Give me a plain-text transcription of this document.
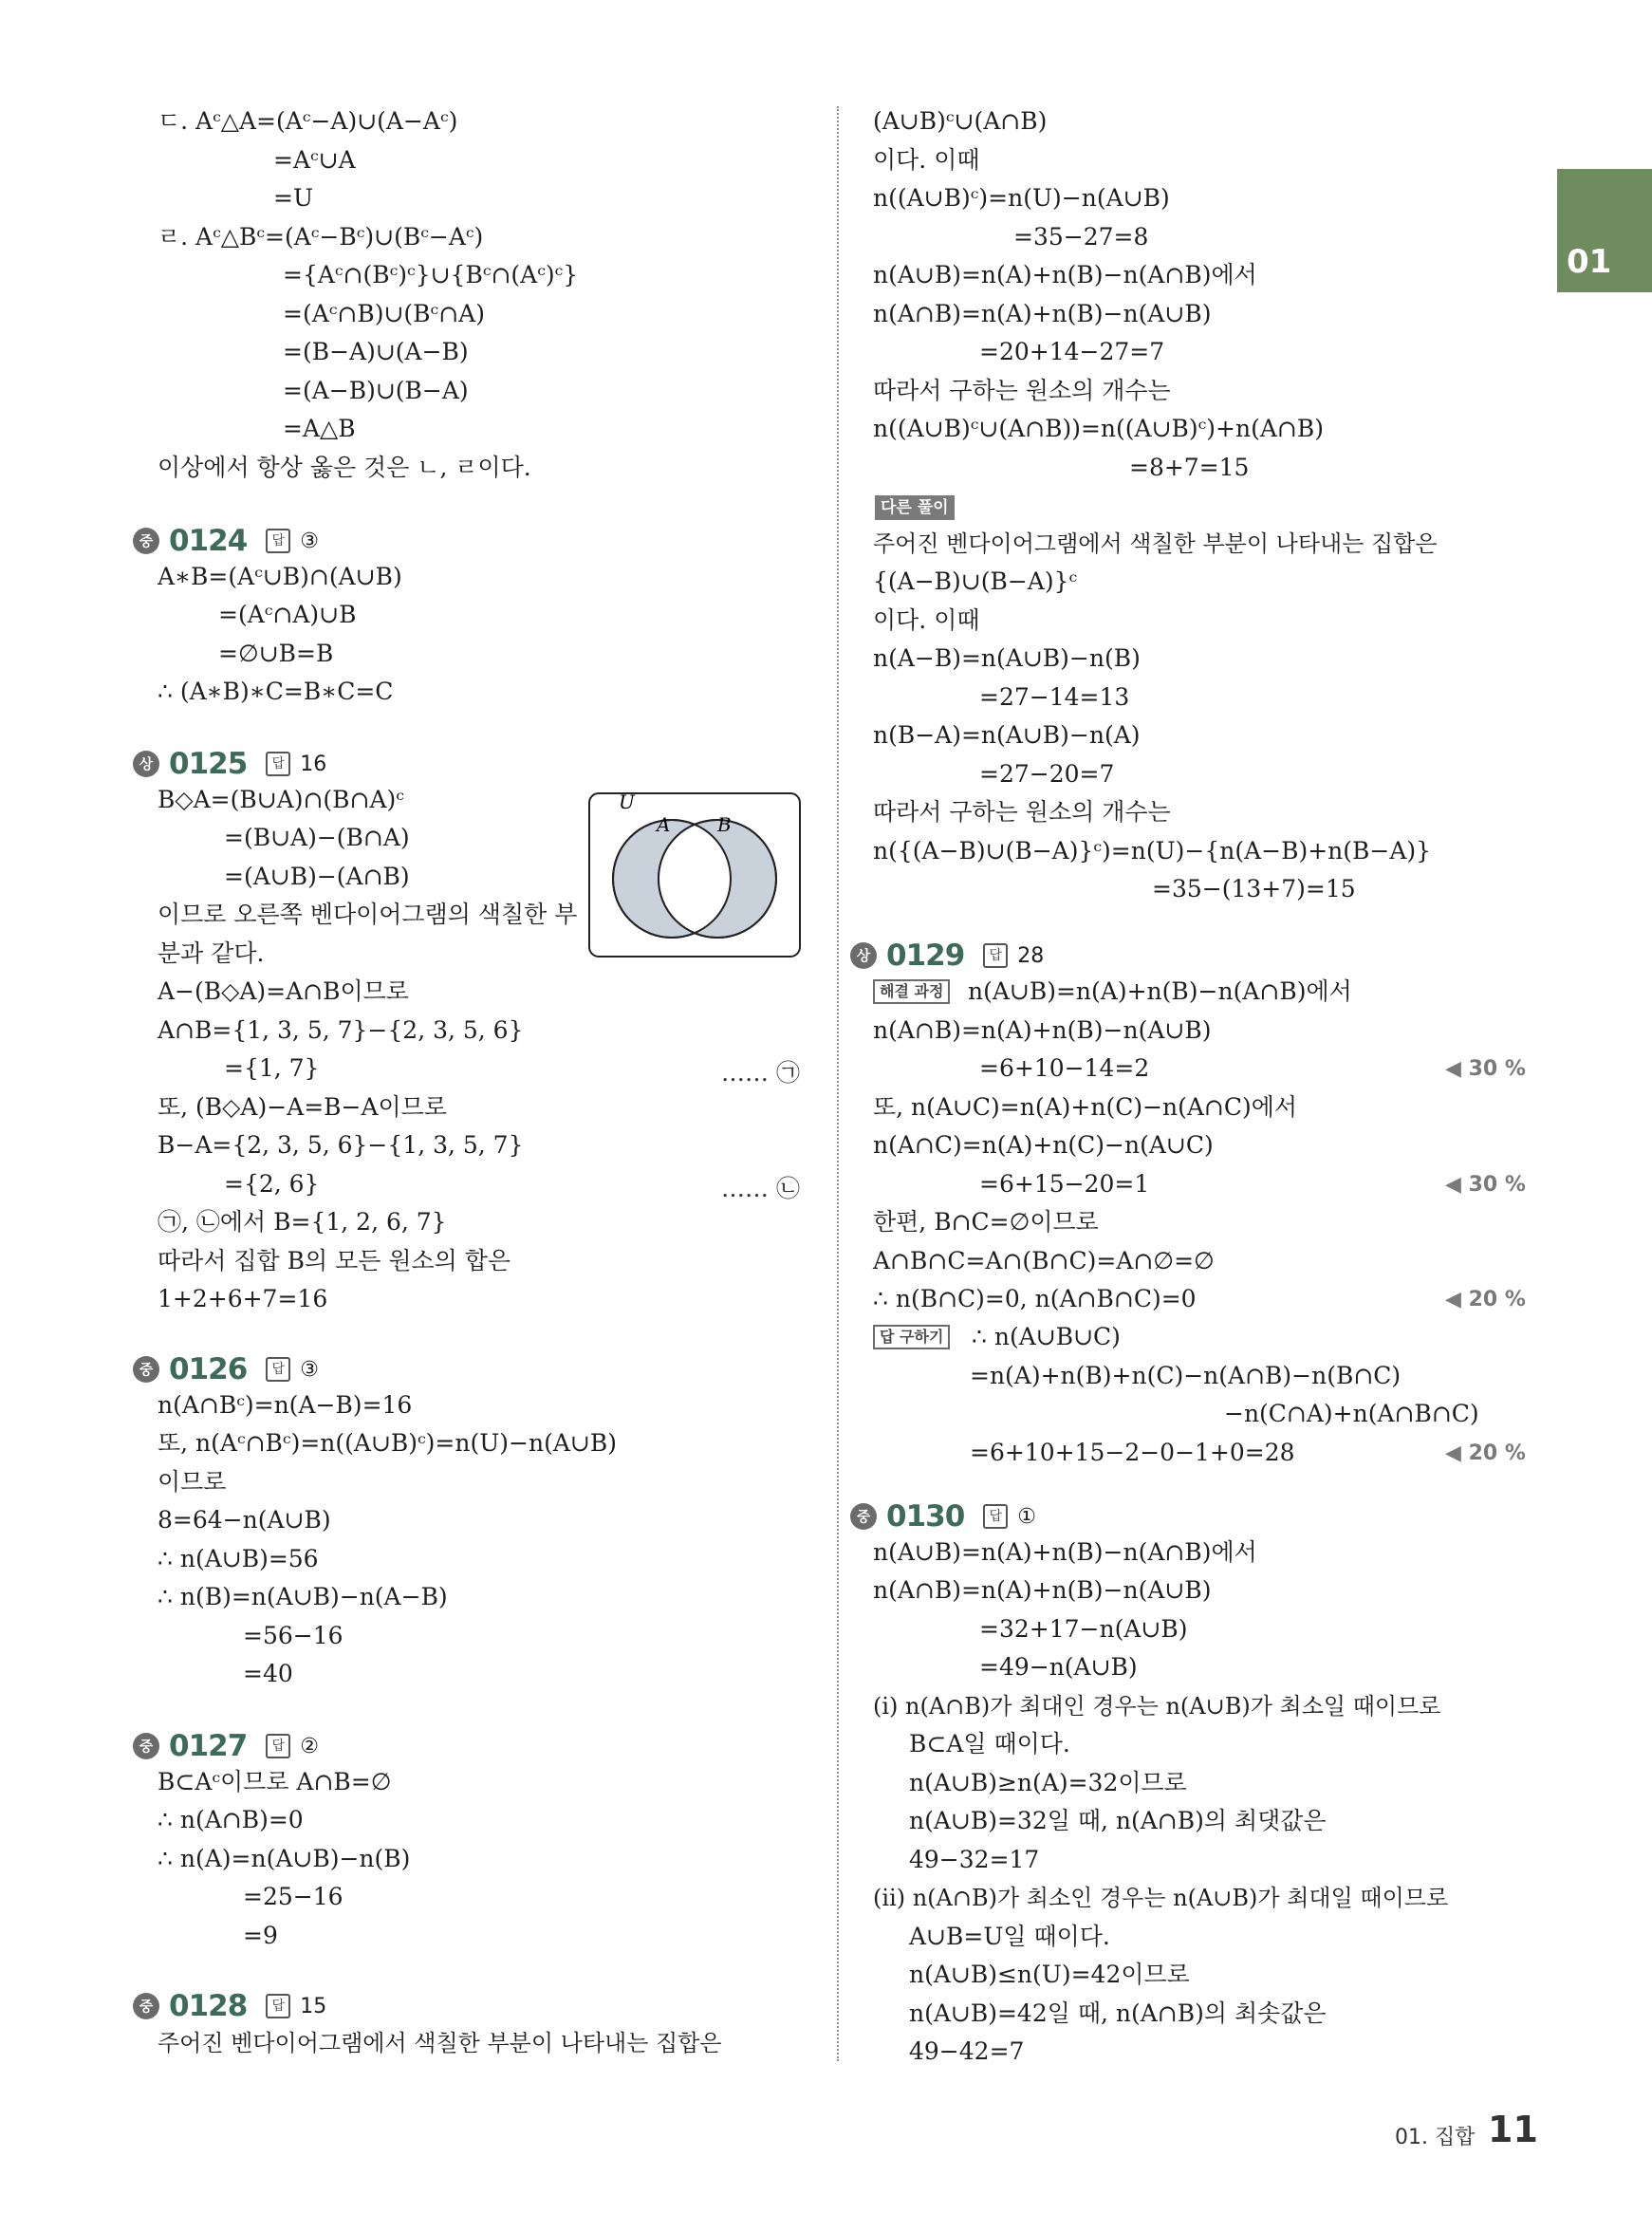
01
ㄷ. Aᶜ△A=(Aᶜ−A)∪(A−Aᶜ)
=Aᶜ∪A
=U
ㄹ. Aᶜ△Bᶜ=(Aᶜ−Bᶜ)∪(Bᶜ−Aᶜ)
={Aᶜ∩(Bᶜ)ᶜ}∪{Bᶜ∩(Aᶜ)ᶜ}
=(Aᶜ∩B)∪(Bᶜ∩A)
=(B−A)∪(A−B)
=(A−B)∪(B−A)
=A△B
이상에서 항상 옳은 것은 ㄴ, ㄹ이다.
중 0124	답 ③
A∗B=(Aᶜ∪B)∩(A∪B)
=(Aᶜ∩A)∪B
=∅∪B=B
∴ (A∗B)∗C=B∗C=C
상 0125	답 16
B◇A=(B∪A)∩(B∩A)ᶜ
=(B∪A)−(B∩A)
=(A∪B)−(A∩B)
이므로 오른쪽 벤다이어그램의 색칠한 부
분과 같다.
A−(B◇A)=A∩B이므로
A∩B={1, 3, 5, 7}−{2, 3, 5, 6}
={1, 7}	…… ㉠
또, (B◇A)−A=B−A이므로
B−A={2, 3, 5, 6}−{1, 3, 5, 7}
={2, 6}	…… ㉡
㉠, ㉡에서 B={1, 2, 6, 7}
따라서 집합 B의 모든 원소의 합은
1+2+6+7=16
U
A B
중 0126	답 ③
n(A∩Bᶜ)=n(A−B)=16
또, n(Aᶜ∩Bᶜ)=n((A∪B)ᶜ)=n(U)−n(A∪B)
이므로
8=64−n(A∪B)
∴ n(A∪B)=56
∴ n(B)=n(A∪B)−n(A−B)
=56−16
=40
중 0127	답 ②
B⊂Aᶜ이므로 A∩B=∅
∴ n(A∩B)=0
∴ n(A)=n(A∪B)−n(B)
=25−16
=9
중 0128	답 15
주어진 벤다이어그램에서 색칠한 부분이 나타내는 집합은
(A∪B)ᶜ∪(A∩B)
이다. 이때
n((A∪B)ᶜ)=n(U)−n(A∪B)
=35−27=8
n(A∪B)=n(A)+n(B)−n(A∩B)에서
n(A∩B)=n(A)+n(B)−n(A∪B)
=20+14−27=7
따라서 구하는 원소의 개수는
n((A∪B)ᶜ∪(A∩B))=n((A∪B)ᶜ)+n(A∩B)
=8+7=15
다른 풀이
주어진 벤다이어그램에서 색칠한 부분이 나타내는 집합은
{(A−B)∪(B−A)}ᶜ
이다. 이때
n(A−B)=n(A∪B)−n(B)
=27−14=13
n(B−A)=n(A∪B)−n(A)
=27−20=7
따라서 구하는 원소의 개수는
n({(A−B)∪(B−A)}ᶜ)=n(U)−{n(A−B)+n(B−A)}
=35−(13+7)=15
상 0129	답 28
해결 과정 n(A∪B)=n(A)+n(B)−n(A∩B)에서
n(A∩B)=n(A)+n(B)−n(A∪B)
=6+10−14=2	◀ 30 %
또, n(A∪C)=n(A)+n(C)−n(A∩C)에서
n(A∩C)=n(A)+n(C)−n(A∪C)
=6+15−20=1	◀ 30 %
한편, B∩C=∅이므로
A∩B∩C=A∩(B∩C)=A∩∅=∅
∴ n(B∩C)=0, n(A∩B∩C)=0	◀ 20 %
답 구하기 ∴ n(A∪B∪C)
=n(A)+n(B)+n(C)−n(A∩B)−n(B∩C)
−n(C∩A)+n(A∩B∩C)
=6+10+15−2−0−1+0=28	◀ 20 %
중 0130	답 ①
n(A∪B)=n(A)+n(B)−n(A∩B)에서
n(A∩B)=n(A)+n(B)−n(A∪B)
=32+17−n(A∪B)
=49−n(A∪B)
(ⅰ) n(A∩B)가 최대인 경우는 n(A∪B)가 최소일 때이므로
B⊂A일 때이다.
n(A∪B)≥n(A)=32이므로
n(A∪B)=32일 때, n(A∩B)의 최댓값은
49−32=17
(ⅱ) n(A∩B)가 최소인 경우는 n(A∪B)가 최대일 때이므로
A∪B=U일 때이다.
n(A∪B)≤n(U)=42이므로
n(A∪B)=42일 때, n(A∩B)의 최솟값은
49−42=7
01. 집합 11
